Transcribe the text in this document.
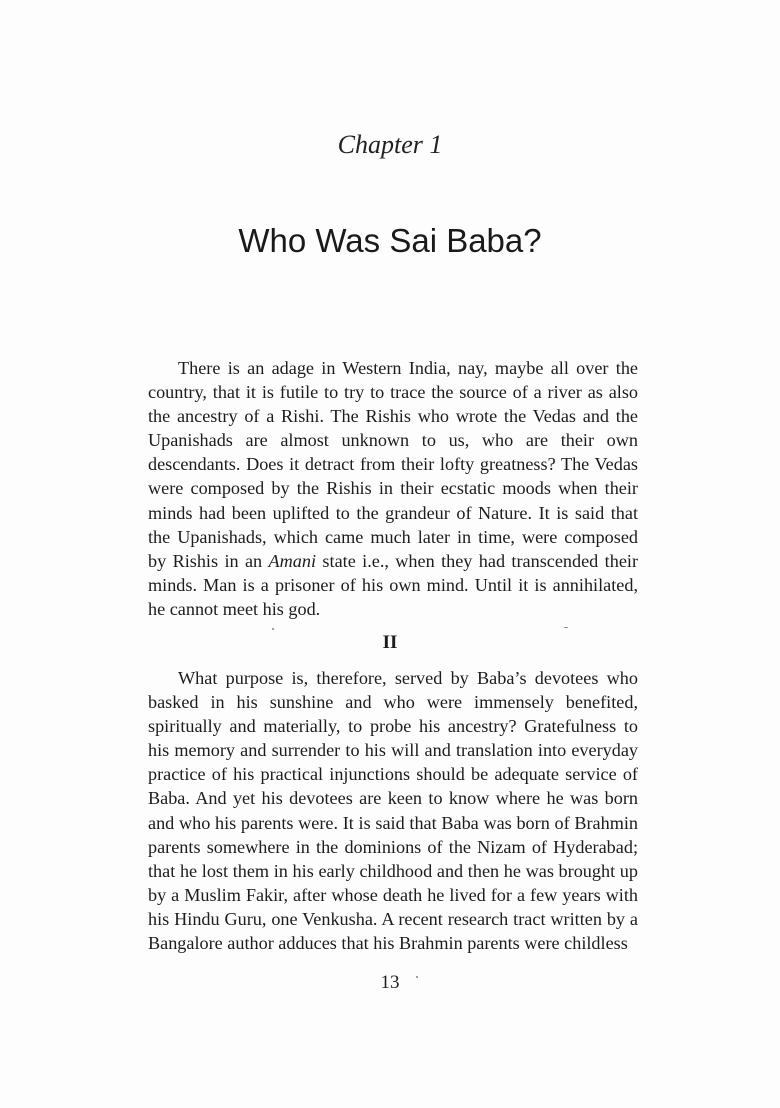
Chapter 1
Who Was Sai Baba?

There is an adage in Western India, nay, maybe all over the country, that it is futile to try to trace the source of a river as also the ancestry of a Rishi. The Rishis who wrote the Vedas and the Upanishads are almost unknown to us, who are their own descendants. Does it detract from their lofty greatness? The Vedas were composed by the Rishis in their ecstatic moods when their minds had been uplifted to the grandeur of Nature. It is said that the Upanishads, which came much later in time, were composed by Rishis in an Amani state i.e., when they had transcended their minds. Man is a prisoner of his own mind. Until it is annihilated, he cannot meet his god.

II

What purpose is, therefore, served by Baba’s devotees who basked in his sunshine and who were immensely benefited, spiritually and materially, to probe his ancestry? Gratefulness to his memory and surrender to his will and translation into everyday practice of his practical injunctions should be adequate service of Baba. And yet his devotees are keen to know where he was born and who his parents were. It is said that Baba was born of Brahmin parents somewhere in the dominions of the Nizam of Hyderabad; that he lost them in his early childhood and then he was brought up by a Muslim Fakir, after whose death he lived for a few years with his Hindu Guru, one Venkusha. A recent research tract written by a Bangalore author adduces that his Brahmin parents were childless

13
